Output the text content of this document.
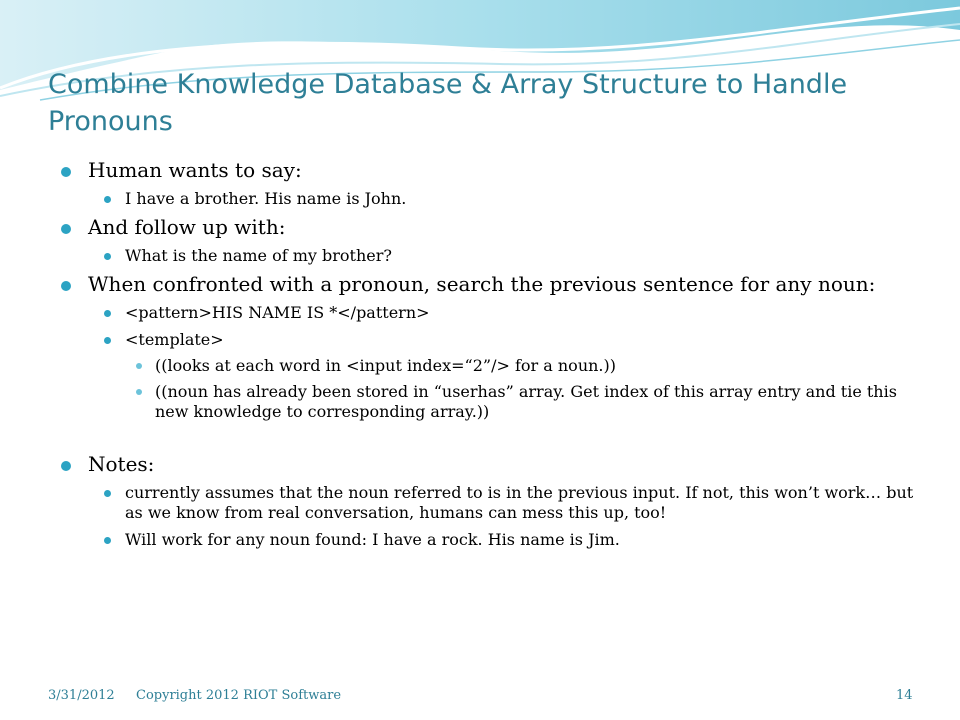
Combine Knowledge Database & Array Structure to Handle Pronouns
Human wants to say:
I have a brother. His name is John.
And follow up with:
What is the name of my brother?
When confronted with a pronoun, search the previous sentence for any noun:
<pattern>HIS NAME IS *</pattern>
<template>
((looks at each word in <input index=“2”/> for a noun.))
((noun has already been stored in “userhas” array. Get index of this array entry and tie this new knowledge to corresponding array.))
Notes:
currently assumes that the noun referred to is in the previous input. If not, this won’t work… but as we know from real conversation, humans can mess this up, too!
Will work for any noun found: I have a rock. His name is Jim.
3/31/2012 Copyright 2012 RIOT Software	14
